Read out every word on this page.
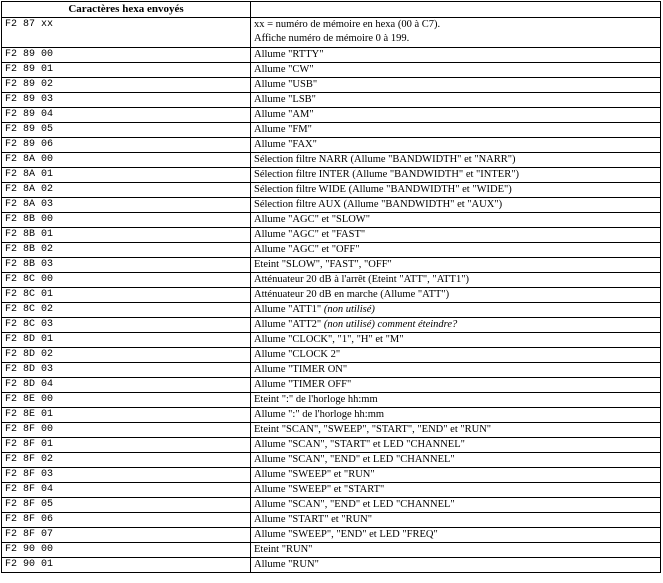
Caractères hexa envoyés	
F2 87 xx	xx = numéro de mémoire en hexa (00 à C7).
Affiche numéro de mémoire 0 à 199.

F2 89 00	Allume "RTTY"
F2 89 01	Allume "CW"
F2 89 02	Allume "USB"
F2 89 03	Allume "LSB"
F2 89 04	Allume "AM"
F2 89 05	Allume "FM"
F2 89 06	Allume "FAX"
F2 8A 00	Sélection filtre NARR (Allume "BANDWIDTH" et "NARR")
F2 8A 01	Sélection filtre INTER (Allume "BANDWIDTH" et "INTER")
F2 8A 02	Sélection filtre WIDE (Allume "BANDWIDTH" et "WIDE")
F2 8A 03	Sélection filtre AUX (Allume "BANDWIDTH" et "AUX")
F2 8B 00	Allume "AGC" et "SLOW"
F2 8B 01	Allume "AGC" et "FAST"
F2 8B 02	Allume "AGC" et "OFF"
F2 8B 03	Eteint "SLOW", "FAST", "OFF"
F2 8C 00	Atténuateur 20 dB à l'arrêt (Eteint "ATT", "ATT1")
F2 8C 01	Atténuateur 20 dB en marche (Allume "ATT")
F2 8C 02	Allume "ATT1" (non utilisé)
F2 8C 03	Allume "ATT2" (non utilisé) comment éteindre?
F2 8D 01	Allume "CLOCK", "1", "H" et "M"
F2 8D 02	Allume "CLOCK 2"
F2 8D 03	Allume "TIMER ON"
F2 8D 04	Allume "TIMER OFF"
F2 8E 00	Eteint ":" de l'horloge hh:mm
F2 8E 01	Allume ":" de l'horloge hh:mm
F2 8F 00	Eteint "SCAN", "SWEEP", "START", "END" et "RUN"
F2 8F 01	Allume "SCAN", "START" et LED "CHANNEL"
F2 8F 02	Allume "SCAN", "END" et LED "CHANNEL"
F2 8F 03	Allume "SWEEP" et "RUN"
F2 8F 04	Allume "SWEEP" et "START"
F2 8F 05	Allume "SCAN", "END" et LED "CHANNEL"
F2 8F 06	Allume "START" et "RUN"
F2 8F 07	Allume "SWEEP", "END" et LED "FREQ"
F2 90 00	Eteint "RUN"
F2 90 01	Allume "RUN"
